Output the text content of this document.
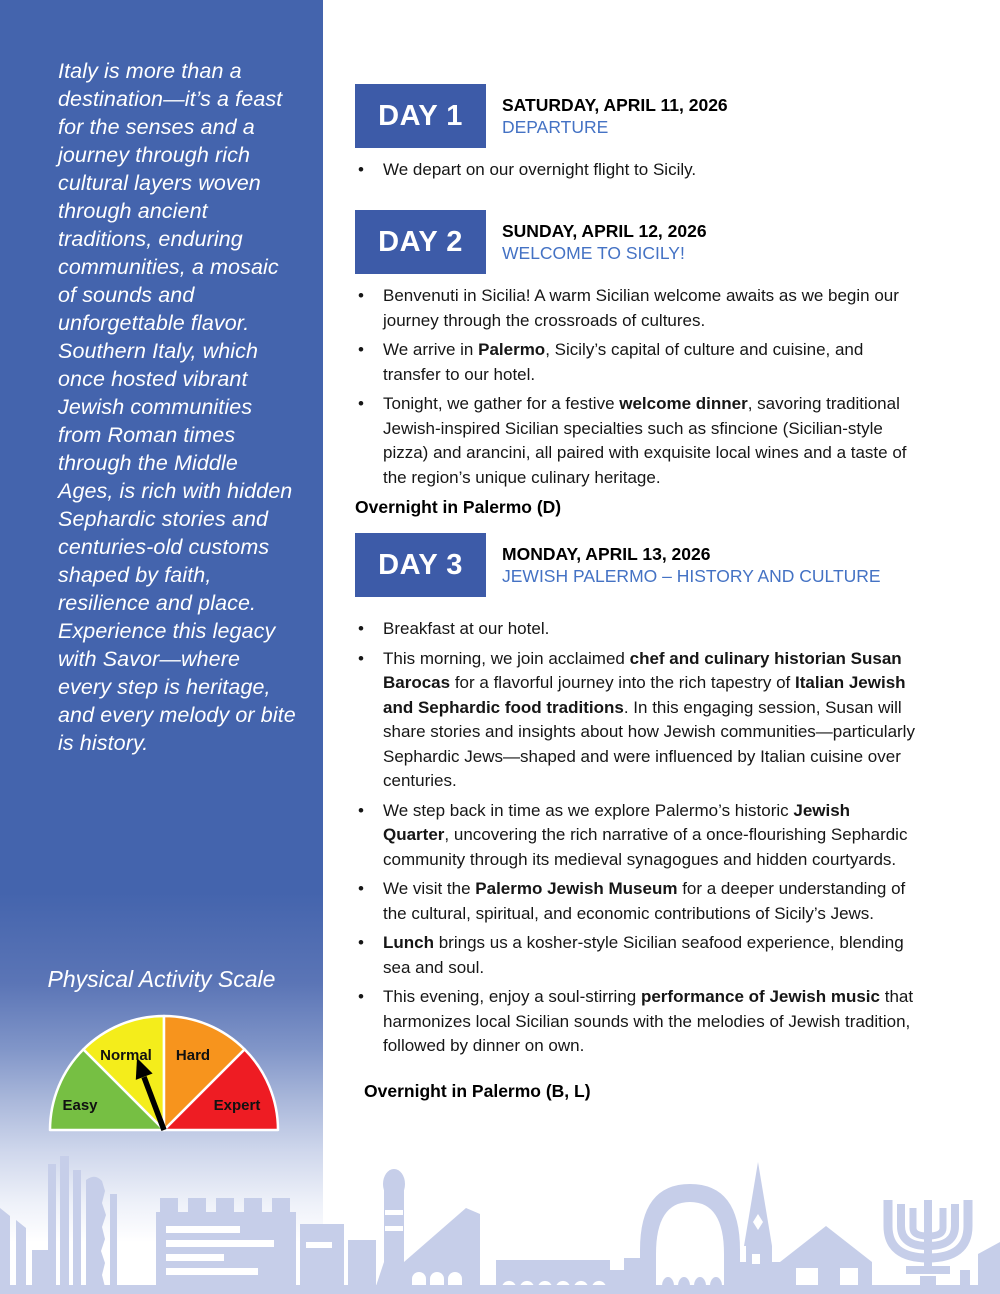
Italy is more than a destination—it’s a feast for the senses and a journey through rich cultural layers woven through ancient traditions, enduring communities, a mosaic of sounds and unforgettable flavor. Southern Italy, which once hosted vibrant Jewish communities from Roman times through the Middle Ages, is rich with hidden Sephardic stories and centuries-old customs shaped by faith, resilience and place. Experience this legacy with Savor—where every step is heritage, and every melody or bite is history.

Physical Activity Scale
Easy
Normal Hard
Expert
DAY 1	SATURDAY, APRIL 11, 2026
DEPARTURE
• We depart on our overnight flight to Sicily.
DAY 2	SUNDAY, APRIL 12, 2026
WELCOME TO SICILY!
• Benvenuti in Sicilia! A warm Sicilian welcome awaits as we begin our journey through the crossroads of cultures.
• We arrive in Palermo, Sicily’s capital of culture and cuisine, and transfer to our hotel.
• Tonight, we gather for a festive welcome dinner, savoring traditional Jewish-inspired Sicilian specialties such as sfincione (Sicilian-style pizza) and arancini, all paired with exquisite local wines and a taste of the region’s unique culinary heritage.

Overnight in Palermo (D)

DAY 3	MONDAY, APRIL 13, 2026
JEWISH PALERMO – HISTORY AND CULTURE
• Breakfast at our hotel.
• This morning, we join acclaimed chef and culinary historian Susan Barocas for a flavorful journey into the rich tapestry of Italian Jewish and Sephardic food traditions. In this engaging session, Susan will share stories and insights about how Jewish communities—particularly Sephardic Jews—shaped and were influenced by Italian cuisine over centuries.
• We step back in time as we explore Palermo’s historic Jewish Quarter, uncovering the rich narrative of a once-flourishing Sephardic community through its medieval synagogues and hidden courtyards.
• We visit the Palermo Jewish Museum for a deeper understanding of the cultural, spiritual, and economic contributions of Sicily’s Jews.
• Lunch brings us a kosher-style Sicilian seafood experience, blending sea and soul.
• This evening, enjoy a soul-stirring performance of Jewish music that harmonizes local Sicilian sounds with the melodies of Jewish tradition, followed by dinner on own.

Overnight in Palermo (B, L)
